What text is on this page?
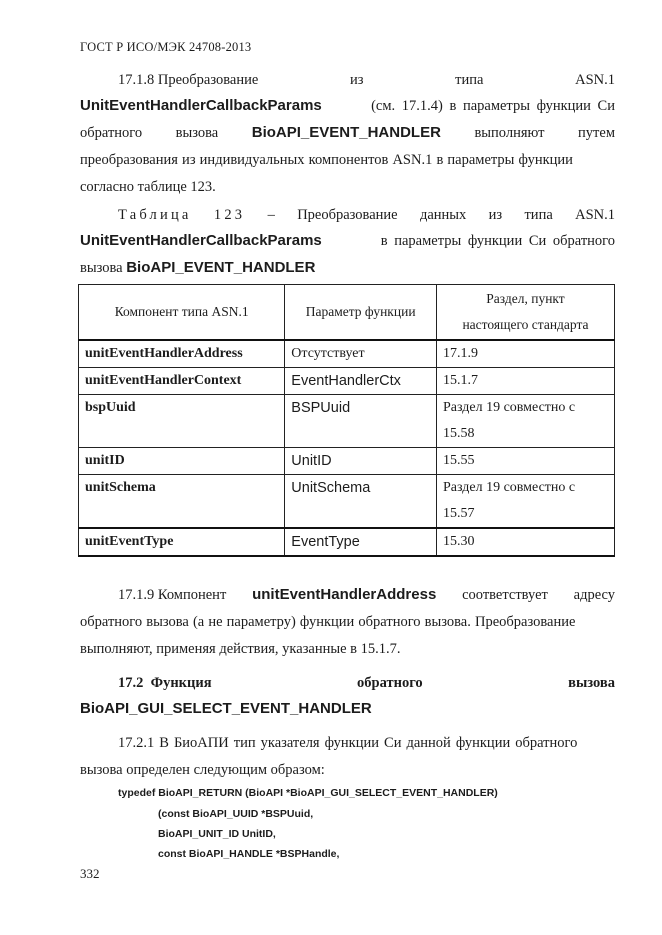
ГОСТ Р ИСО/МЭК 24708-2013
17.1.8 Преобразование	из	типа	ASN.1
UnitEventHandlerCallbackParams	(см. 17.1.4) в параметры функции Си
обратного вызова BioAPI_EVENT_HANDLER выполняют путем
преобразования из индивидуальных компонентов ASN.1 в параметры функции
согласно таблице 123.
Таблица 123 – Преобразование данных из типа ASN.1
UnitEventHandlerCallbackParams	в параметры функции Си обратного
вызова BioAPI_EVENT_HANDLER
Компонент типа ASN.1	Параметр функции	Раздел, пункт
настоящего стандарта

unitEventHandlerAddress	Отсутствует	17.1.9
unitEventHandlerContext	EventHandlerCtx	15.1.7
bspUuid	BSPUuid	Раздел 19 совместно с
15.58

unitID	UnitID	15.55
unitSchema	UnitSchema	Раздел 19 совместно с
15.57

unitEventType	EventType	15.30
17.1.9 Компонент unitEventHandlerAddress соответствует адресу
обратного вызова (а не параметру) функции обратного вызова. Преобразование
выполняют, применяя действия, указанные в 15.1.7.
17.2 Функция	обратного	вызова
BioAPI_GUI_SELECT_EVENT_HANDLER
17.2.1 В БиоАПИ тип указателя функции Си данной функции обратного
вызова определен следующим образом:
typedef BioAPI_RETURN (BioAPI *BioAPI_GUI_SELECT_EVENT_HANDLER)
(const BioAPI_UUID *BSPUuid,
BioAPI_UNIT_ID UnitID,
const BioAPI_HANDLE *BSPHandle,
332
